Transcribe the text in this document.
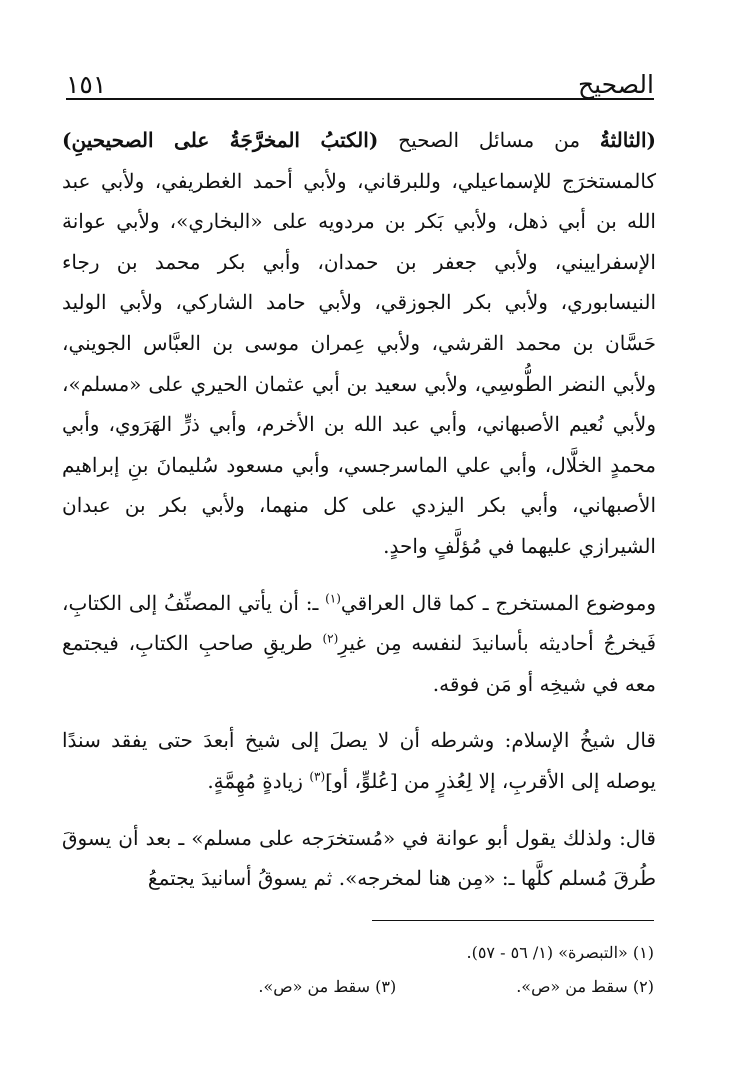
الصحيح
١٥١

(الثالثةُ من مسائل الصحيح (الكتبُ المخرَّجَةُ على الصحيحينِ) كالمستخرَج للإسماعيلي، وللبرقاني، ولأبي أحمد الغطريفي، ولأبي عبد الله بن أبي ذهل، ولأبي بَكر بن مردويه على «البخاري»، ولأبي عوانة الإسفراييني، ولأبي جعفر بن حمدان، وأبي بكر محمد بن رجاء النيسابوري، ولأبي بكر الجوزقي، ولأبي حامد الشاركي، ولأبي الوليد حَسَّان بن محمد القرشي، ولأبي عِمران موسى بن العبَّاس الجويني، ولأبي النضر الطُّوسِي، ولأبي سعيد بن أبي عثمان الحيري على «مسلم»، ولأبي نُعيم الأصبهاني، وأبي عبد الله بن الأخرم، وأبي ذرٍّ الهَرَوي، وأبي محمدٍ الخلَّال، وأبي علي الماسرجسي، وأبي مسعود سُليمانَ بنِ إبراهيم الأصبهاني، وأبي بكر اليزدي على كل منهما، ولأبي بكر بن عبدان الشيرازي عليهما في مُؤلَّفٍ واحدٍ.

وموضوع المستخرج ـ كما قال العراقي$^{(١)}$ ـ: أن يأتي المصنِّفُ إلى الكتابِ، فَيخرجُ أحاديثه بأسانيدَ لنفسه مِن غيرِ$^{(٢)}$ طريقِ صاحبِ الكتابِ، فيجتمع معه في شيخِه أو مَن فوقه.

قال شيخُ الإسلام: وشرطه أن لا يصلَ إلى شيخ أبعدَ حتى يفقد سندًا يوصله إلى الأقربِ، إلا لِعُذرٍ من [عُلوٍّ، أو]$^{(٣)}$ زيادةٍ مُهِمَّةٍ.

قال: ولذلك يقول أبو عوانة في «مُستخرَجه على مسلم» ـ بعد أن يسوقَ طُرقَ مُسلم كلَّها ـ: «مِن هنا لمخرجه». ثم يسوقُ أسانيدَ يجتمعُ

(١) «التبصرة» (١/ ٥٦ - ٥٧).
(٢) سقط من «ص».
(٣) سقط من «ص».
